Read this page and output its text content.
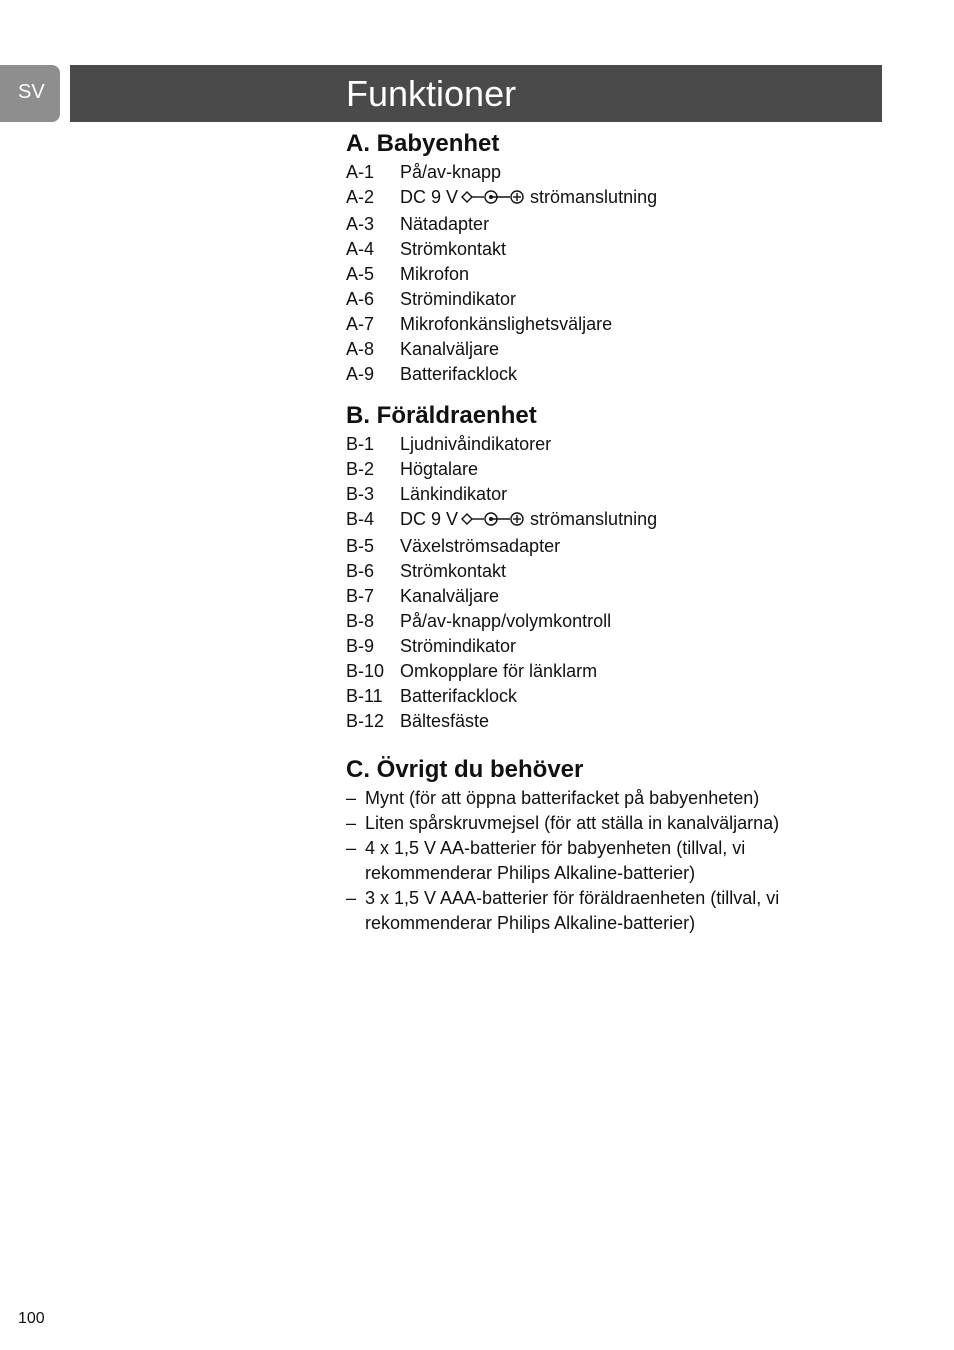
SV	Funktioner
A. Babyenhet
A-1 På/av-knapp
A-2 DC 9 V	strömanslutning
A-3 Nätadapter
A-4 Strömkontakt
A-5 Mikrofon
A-6 Strömindikator
A-7 Mikrofonkänslighetsväljare
A-8 Kanalväljare
A-9 Batterifacklock
B. Föräldraenhet
B-1 Ljudnivåindikatorer
B-2 Högtalare
B-3 Länkindikator
B-4 DC 9 V	strömanslutning
B-5 Växelströmsadapter
B-6 Strömkontakt
B-7 Kanalväljare
B-8 På/av-knapp/volymkontroll
B-9 Strömindikator
B-10 Omkopplare för länklarm
B-11 Batterifacklock
B-12 Bältesfäste
C. Övrigt du behöver
– Mynt (för att öppna batterifacket på babyenheten)
– Liten spårskruvmejsel (för att ställa in kanalväljarna)
– 4 x 1,5 V AA-batterier för babyenheten (tillval, vi rekommenderar Philips Alkaline-batterier)
– 3 x 1,5 V AAA-batterier för föräldraenheten (tillval, vi rekommenderar Philips Alkaline-batterier)
100
